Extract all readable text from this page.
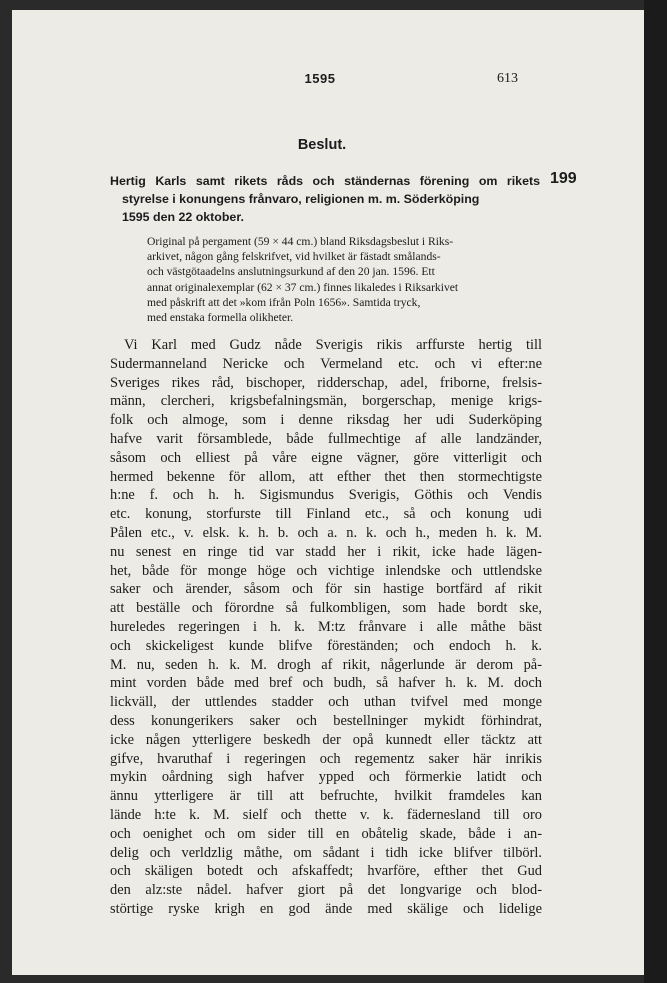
1595	613
Beslut.
Hertig Karls samt rikets råds och ständernas förening om rikets
styrelse i konungens frånvaro, religionen m. m. Söderköping
1595 den 22 oktober.
199
Original på pergament (59 × 44 cm.) bland Riksdagsbeslut i Riks-
arkivet, någon gång felskrifvet, vid hvilket är fästadt smålands-
och västgötaadelns anslutningsurkund af den 20 jan. 1596. Ett
annat originalexemplar (62 × 37 cm.) finnes likaledes i Riksarkivet
med påskrift att det »kom ifrån Poln 1656». Samtida tryck,
med enstaka formella olikheter.
Vi Karl med Gudz nåde Sverigis rikis arffurste hertig till
Sudermanneland Nericke och Vermeland etc. och vi efter:ne
Sveriges rikes råd, bischoper, ridderschap, adel, friborne, frelsis-
männ, clercheri, krigsbefalningsmän, borgerschap, menige krigs-
folk och almoge, som i denne riksdag her udi Suderköping
hafve varit församblede, både fullmechtige af alle landzänder,
såsom och elliest på våre eigne vägner, göre vitterligit och
hermed bekenne för allom, att efther thet then stormechtigste
h:ne f. och h. h. Sigismundus Sverigis, Göthis och Vendis
etc. konung, storfurste till Finland etc., så och konung udi
Pålen etc., v. elsk. k. h. b. och a. n. k. och h., meden h. k. M.
nu senest en ringe tid var stadd her i rikit, icke hade lägen-
het, både för monge höge och vichtige inlendske och uttlendske
saker och ärender, såsom och för sin hastige bortfärd af rikit
att beställe och förordne så fulkombligen, som hade bordt ske,
hureledes regeringen i h. k. M:tz frånvare i alle måthe bäst
och skickeligest kunde blifve föreständen; och endoch h. k.
M. nu, seden h. k. M. drogh af rikit, någerlunde är derom på-
mint vorden både med bref och budh, så hafver h. k. M. doch
lickväll, der uttlendes stadder och uthan tvifvel med monge
dess konungerikers saker och bestellninger mykidt förhindrat,
icke någen ytterligere beskedh der opå kunnedt eller täcktz att
gifve, hvaruthaf i regeringen och regementz saker här inrikis
mykin oårdning sigh hafver ypped och förmerkie latidt och
ännu ytterligere är till att befruchte, hvilkit framdeles kan
lände h:te k. M. sielf och thette v. k. fädernesland till oro
och oenighet och om sider till en obåtelig skade, både i an-
delig och verldzlig måthe, om sådant i tidh icke blifver tilbörl.
och skäligen botedt och afskaffedt; hvarföre, efther thet Gud
den alz:ste nådel. hafver giort på det longvarige och blod-
störtige ryske krigh en god ände med skälige och lidelige
